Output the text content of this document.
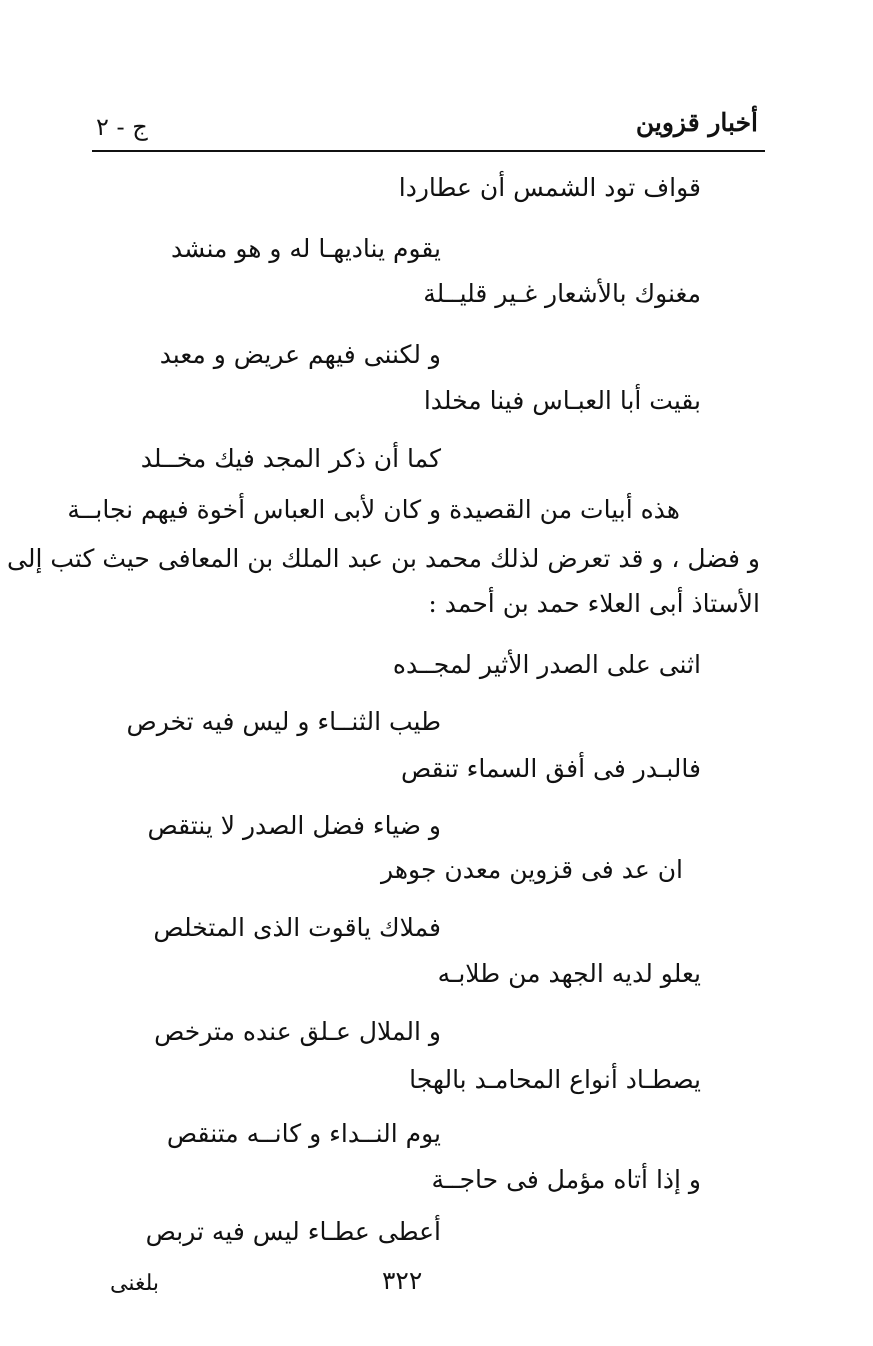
أخبار قزوين
ج - ٢
قواف تود الشمس أن عطاردا
يقوم يناديهـا له و هو منشد
مغنوك بالأشعار غـير قليــلة
و لكننى فيهم عريض و معبد
بقيت أبا العبـاس فينا مخلدا
كما أن ذكر المجد فيك مخــلد
هذه أبيات من القصيدة و كان لأبى العباس أخوة فيهم نجابــة
و فضل ، و قد تعرض لذلك محمد بن عبد الملك بن المعافى حيث كتب إلى
الأستاذ أبى العلاء حمد بن أحمد :
اثنى على الصدر الأثير لمجــده
طيب الثنــاء و ليس فيه تخرص
فالبـدر فى أفق السماء تنقص
و ضياء فضل الصدر لا ينتقص
ان عد فى قزوين معدن جوهر
فملاك ياقوت الذى المتخلص
يعلو لديه الجهد من طلابـه
و الملال عـلق عنده مترخص
يصطـاد أنواع المحامـد بالهجا
يوم النــداء و كانــه متنقص
و إذا أتاه مؤمل فى حاجــة
أعطى عطـاء ليس فيه تربص
٣٢٢
بلغنى
